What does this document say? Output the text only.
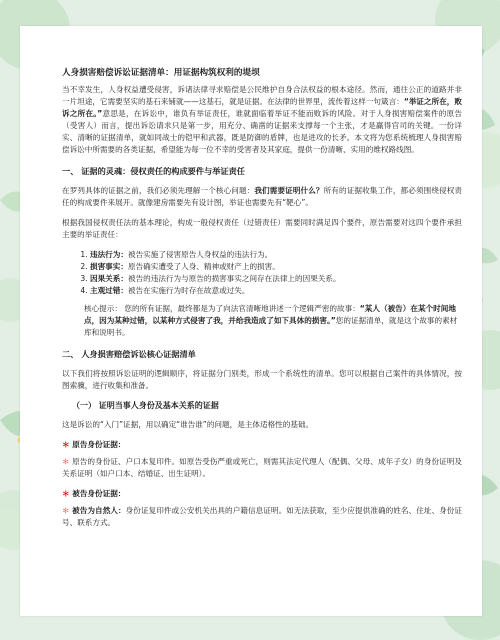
人身损害赔偿诉讼证据清单：用证据构筑权利的堤坝

当不幸发生，人身权益遭受侵害，诉诸法律寻求赔偿是公民维护自身合法权益的根本途径。然而，通往公正的道路并非一片坦途，它需要坚实的基石来铺就——这基石，就是证据。在法律的世界里，流传着这样一句箴言：“举证之所在，败诉之所在。”意思是，在诉讼中，谁负有举证责任，谁就面临着举证不能而败诉的风险。对于人身损害赔偿案件的原告（受害人）而言，提出诉讼请求只是第一步，用充分、确凿的证据来支撑每一个主张，才是赢得官司的关键。一份详实、清晰的证据清单，就如同战士的铠甲和武器，既是防御的盾牌，也是进攻的长矛。本文将为您系统梳理人身损害赔偿诉讼中所需要的各类证据，希望能为每一位不幸的受害者及其家庭，提供一份清晰、实用的维权路线图。

一、 证据的灵魂：侵权责任的构成要件与举证责任

在罗列具体的证据之前，我们必须先理解一个核心问题：我们需要证明什么？所有的证据收集工作，都必须围绕侵权责任的构成要件来展开。就像建房需要先有设计图，举证也需要先有“靶心”。

根据我国侵权责任法的基本理论，构成一般侵权责任（过错责任）需要同时满足四个要件，原告需要对这四个要件承担主要的举证责任：

1. 违法行为：被告实施了侵害原告人身权益的违法行为。
2. 损害事实：原告确实遭受了人身、精神或财产上的损害。
3. 因果关系：被告的违法行为与原告的损害事实之间存在法律上的因果关系。
4. 主观过错：被告在实施行为时存在故意或过失。
核心提示： 您的所有证据，最终都是为了向法官清晰地讲述一个逻辑严密的故事：“某人（被告）在某个时间地点，因为某种过错，以某种方式侵害了我，并给我造成了如下具体的损害。”您的证据清单，就是这个故事的素材库和说明书。
二、 人身损害赔偿诉讼核心证据清单

以下我们将按照诉讼证明的逻辑顺序，将证据分门别类，形成一个系统性的清单。您可以根据自己案件的具体情况，按图索骥，进行收集和准备。

（一） 证明当事人身份及基本关系的证据

这是诉讼的“入门”证据，用以确定“谁告谁”的问题，是主体适格性的基础。

＊ 原告身份证据：

＊ 原告的身份证、户口本复印件。如原告受伤严重或死亡，则需其法定代理人（配偶、父母、成年子女）的身份证明及关系证明（如户口本、结婚证、出生证明）。

＊ 被告身份证据：

＊ 被告为自然人：身份证复印件或公安机关出具的户籍信息证明。如无法获取，至少应提供准确的姓名、住址、身份证号、联系方式。
